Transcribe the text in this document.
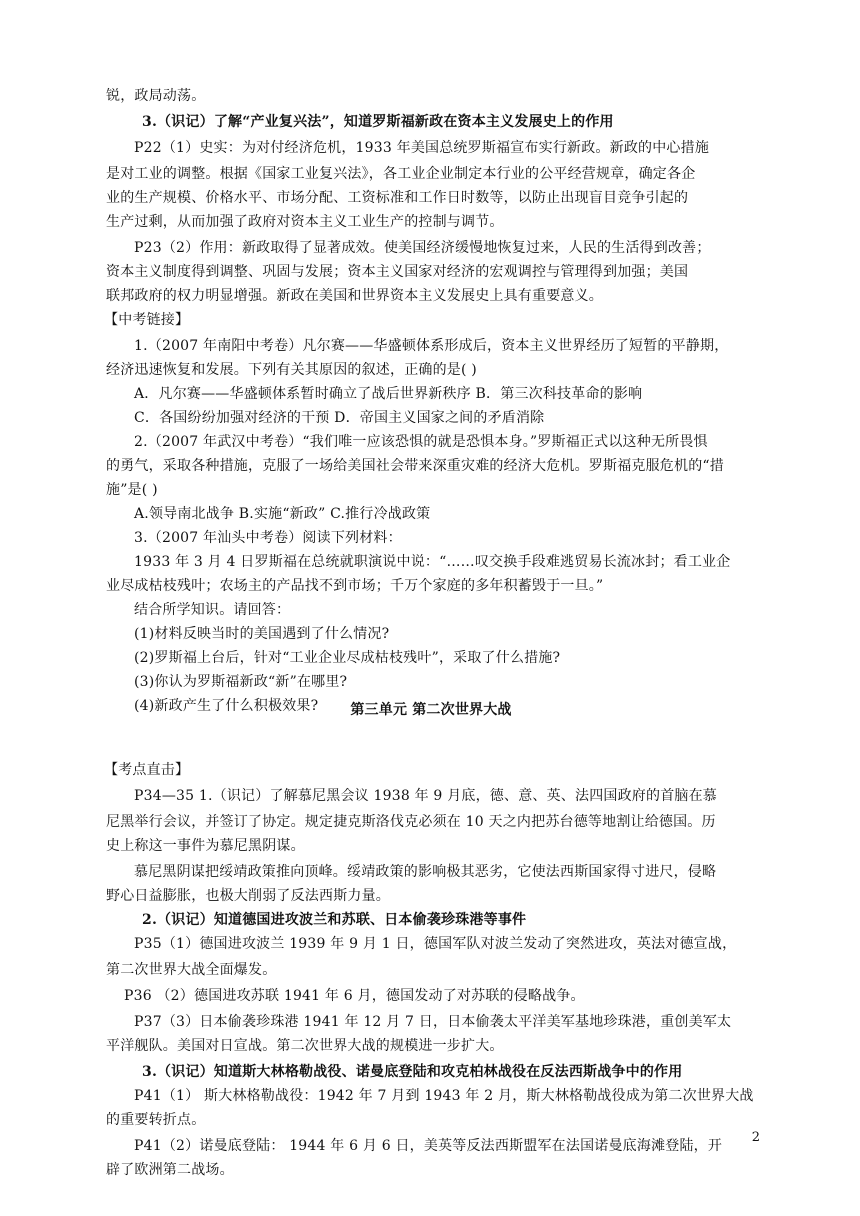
锐，政局动荡。
3.（识记）了解“产业复兴法”，知道罗斯福新政在资本主义发展史上的作用
P22（1）史实：为对付经济危机，1933 年美国总统罗斯福宣布实行新政。新政的中心措施
是对工业的调整。根据《国家工业复兴法》，各工业企业制定本行业的公平经营规章，确定各企
业的生产规模、价格水平、市场分配、工资标准和工作日时数等，以防止出现盲目竞争引起的
生产过剩，从而加强了政府对资本主义工业生产的控制与调节。
P23（2）作用：新政取得了显著成效。使美国经济缓慢地恢复过来，人民的生活得到改善；
资本主义制度得到调整、巩固与发展；资本主义国家对经济的宏观调控与管理得到加强；美国
联邦政府的权力明显增强。新政在美国和世界资本主义发展史上具有重要意义。
【中考链接】
1.（2007 年南阳中考卷）凡尔赛——华盛顿体系形成后，资本主义世界经历了短暂的平静期，
经济迅速恢复和发展。下列有关其原因的叙述，正确的是( )
A．凡尔赛——华盛顿体系暂时确立了战后世界新秩序 B．第三次科技革命的影响
C．各国纷纷加强对经济的干预 D．帝国主义国家之间的矛盾消除
2.（2007 年武汉中考卷）“我们唯一应该恐惧的就是恐惧本身。”罗斯福正式以这种无所畏惧
的勇气，采取各种措施，克服了一场给美国社会带来深重灾难的经济大危机。罗斯福克服危机的“措
施”是( )
A.领导南北战争 B.实施“新政” C.推行冷战政策
3.（2007 年汕头中考卷）阅读下列材料：
1933 年 3 月 4 日罗斯福在总统就职演说中说：“……叹交换手段难逃贸易长流冰封；看工业企
业尽成枯枝残叶；农场主的产品找不到市场；千万个家庭的多年积蓄毁于一旦。”
结合所学知识。请回答：
(1)材料反映当时的美国遇到了什么情况?
(2)罗斯福上台后，针对“工业企业尽成枯枝残叶”，采取了什么措施?
(3)你认为罗斯福新政“新”在哪里?
(4)新政产生了什么积极效果?
【考点直击】
P34—35 1.（识记）了解慕尼黑会议 1938 年 9 月底，德、意、英、法四国政府的首脑在慕
尼黑举行会议，并签订了协定。规定捷克斯洛伐克必须在 10 天之内把苏台德等地割让给德国。历
史上称这一事件为慕尼黑阴谋。
慕尼黑阴谋把绥靖政策推向顶峰。绥靖政策的影响极其恶劣，它使法西斯国家得寸进尺，侵略
野心日益膨胀，也极大削弱了反法西斯力量。
2.（识记）知道德国进攻波兰和苏联、日本偷袭珍珠港等事件
P35（1）德国进攻波兰 1939 年 9 月 1 日，德国军队对波兰发动了突然进攻，英法对德宣战，
第二次世界大战全面爆发。
P36 （2）德国进攻苏联 1941 年 6 月，德国发动了对苏联的侵略战争。
P37（3）日本偷袭珍珠港 1941 年 12 月 7 日，日本偷袭太平洋美军基地珍珠港，重创美军太
平洋舰队。美国对日宣战。第二次世界大战的规模进一步扩大。
3.（识记）知道斯大林格勒战役、诺曼底登陆和攻克柏林战役在反法西斯战争中的作用
P41（1） 斯大林格勒战役：1942 年 7 月到 1943 年 2 月，斯大林格勒战役成为第二次世界大战
的重要转折点。
第三单元 第二次世界大战
P41（2）诺曼底登陆： 1944 年 6 月 6 日，美英等反法西斯盟军在法国诺曼底海滩登陆，开
辟了欧洲第二战场。
2
